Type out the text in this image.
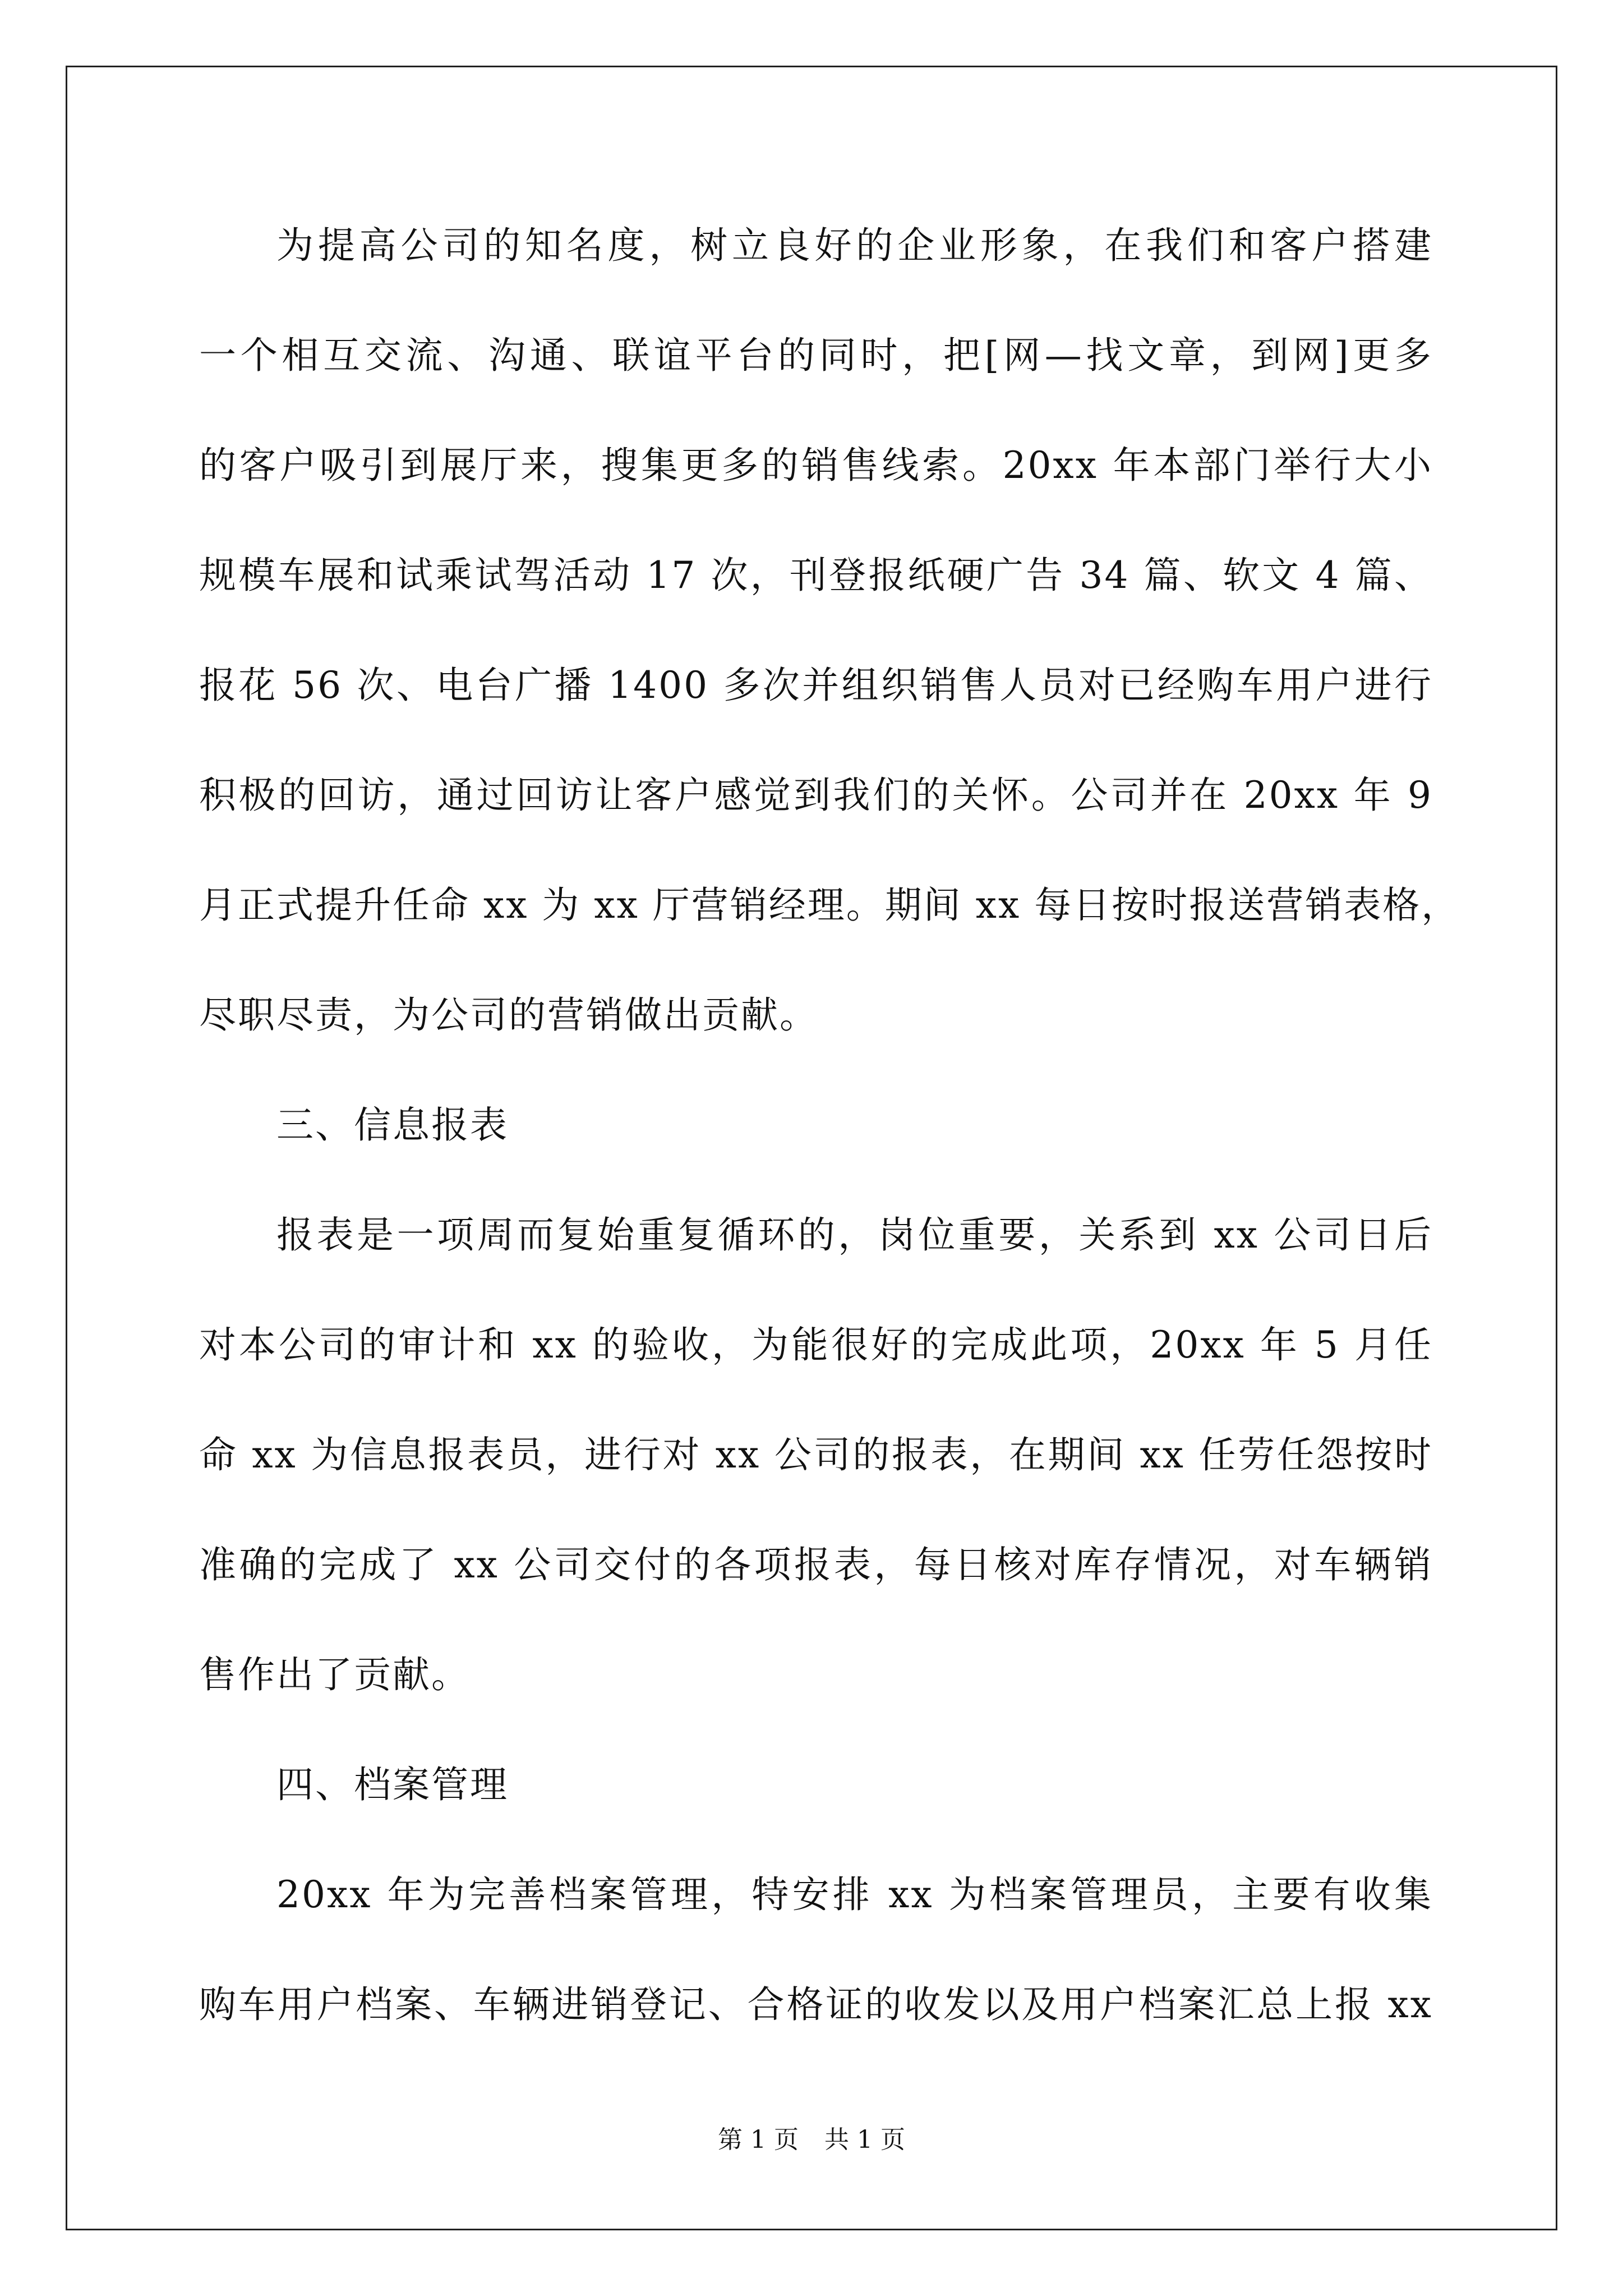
为提高公司的知名度，树立良好的企业形象，在我们和客户搭建
一个相互交流、沟通、联谊平台的同时，把[网—找文章，到网]更多
的客户吸引到展厅来，搜集更多的销售线索。20xx 年本部门举行大小
规模车展和试乘试驾活动 17 次，刊登报纸硬广告 34 篇、软文 4 篇、
报花 56 次、电台广播 1400 多次并组织销售人员对已经购车用户进行
积极的回访，通过回访让客户感觉到我们的关怀。公司并在 20xx 年 9
月正式提升任命 xx 为 xx 厅营销经理。期间 xx 每日按时报送营销表格，
尽职尽责，为公司的营销做出贡献。
三、信息报表
报表是一项周而复始重复循环的，岗位重要，关系到 xx 公司日后
对本公司的审计和 xx 的验收，为能很好的完成此项，20xx 年 5 月任
命 xx 为信息报表员，进行对 xx 公司的报表，在期间 xx 任劳任怨按时
准确的完成了 xx 公司交付的各项报表，每日核对库存情况，对车辆销
售作出了贡献。
四、档案管理
20xx 年为完善档案管理，特安排 xx 为档案管理员，主要有收集
购车用户档案、车辆进销登记、合格证的收发以及用户档案汇总上报 xx
第 1 页 共 1 页
